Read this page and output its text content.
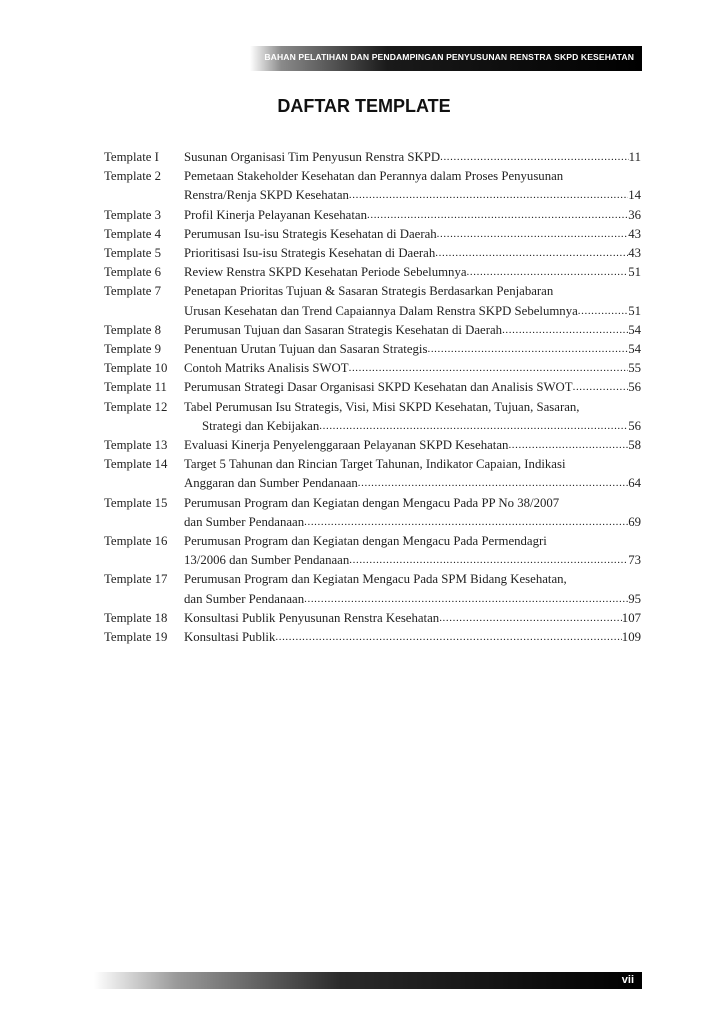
BAHAN PELATIHAN DAN PENDAMPINGAN PENYUSUNAN RENSTRA SKPD KESEHATAN
DAFTAR TEMPLATE
Template I	Susunan Organisasi Tim Penyusun Renstra SKPD .....	11
Template 2	Pemetaan Stakeholder Kesehatan dan Perannya dalam Proses Penyusunan
Renstra/Renja SKPD Kesehatan .....	14
Template 3	Profil Kinerja Pelayanan Kesehatan .....	36
Template 4	Perumusan Isu-isu Strategis Kesehatan di Daerah .....	43
Template 5	Prioritisasi Isu-isu Strategis Kesehatan di Daerah .....	43
Template 6	Review Renstra SKPD Kesehatan Periode Sebelumnya .....	51
Template 7	Penetapan Prioritas Tujuan & Sasaran Strategis Berdasarkan Penjabaran
Urusan Kesehatan dan Trend Capaiannya Dalam Renstra SKPD Sebelumnya .....	51
Template 8	Perumusan Tujuan dan Sasaran Strategis Kesehatan di Daerah .....	54
Template 9	Penentuan Urutan Tujuan dan Sasaran Strategis .....	54
Template 10	Contoh Matriks Analisis SWOT .....	55
Template 11	Perumusan Strategi Dasar Organisasi SKPD Kesehatan dan Analisis SWOT .....	56
Template 12	Tabel Perumusan Isu Strategis, Visi, Misi SKPD Kesehatan, Tujuan, Sasaran,
Strategi dan Kebijakan .....	56
Template 13	Evaluasi Kinerja Penyelenggaraan Pelayanan SKPD Kesehatan .....	58
Template 14	Target 5 Tahunan dan Rincian Target Tahunan, Indikator Capaian, Indikasi
Anggaran dan Sumber Pendanaan .....	64
Template 15	Perumusan Program dan Kegiatan dengan Mengacu Pada PP No 38/2007
dan Sumber Pendanaan .....	69
Template 16	Perumusan Program dan Kegiatan dengan Mengacu Pada Permendagri
13/2006 dan Sumber Pendanaan .....	73
Template 17	Perumusan Program dan Kegiatan Mengacu Pada SPM Bidang Kesehatan,
dan Sumber Pendanaan .....	95
Template 18	Konsultasi Publik Penyusunan Renstra Kesehatan .....	107
Template 19	Konsultasi Publik .....	109
vii
